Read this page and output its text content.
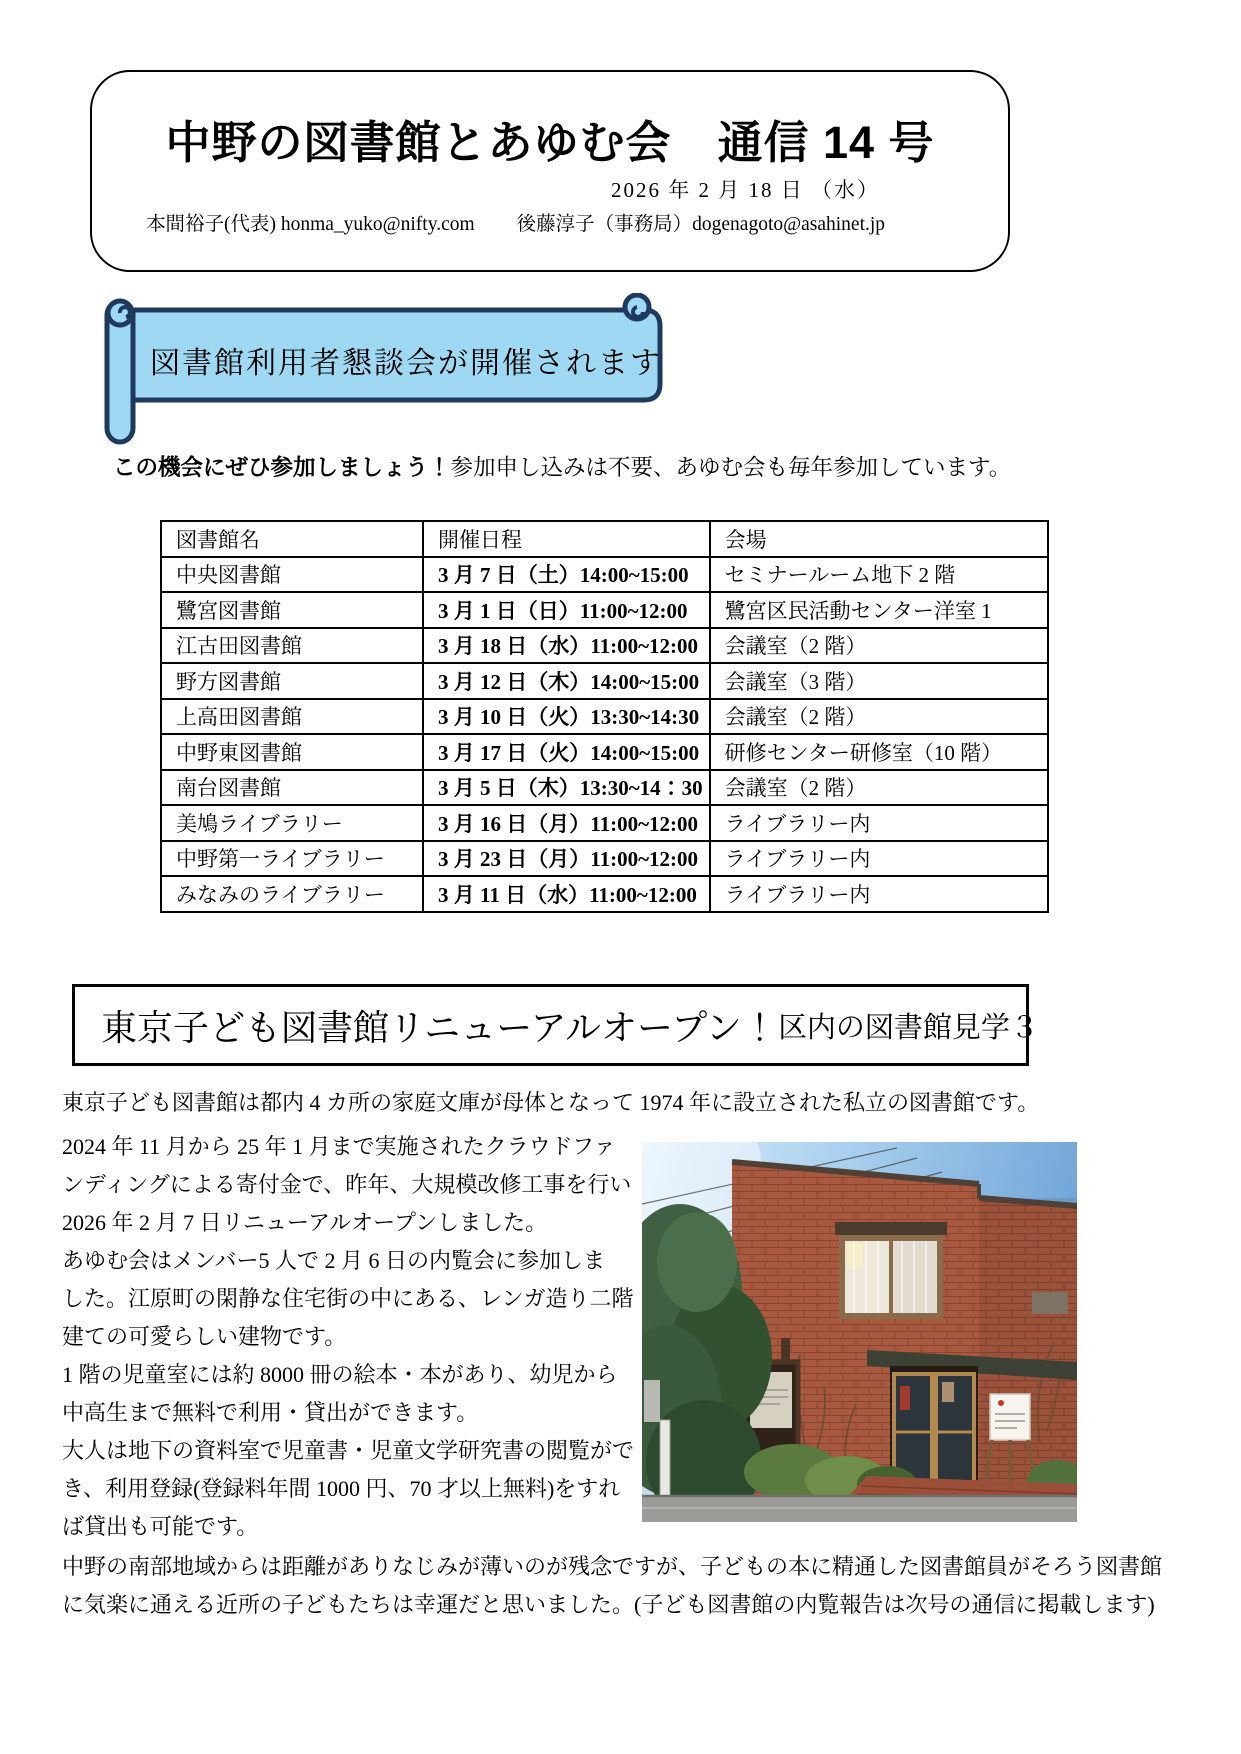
中野の図書館とあゆむ会　通信 14 号
2026 年 2 月 18 日 （水）
本間裕子(代表) honma_yuko@nifty.com 後藤淳子（事務局）dogenagoto@asahinet.jp
図書館利用者懇談会が開催されます
この機会にぜひ参加しましょう！参加申し込みは不要、あゆむ会も毎年参加しています。
図書館名	開催日程	会場
中央図書館	3 月 7 日（土）14:00~15:00	セミナールーム地下 2 階
鷺宮図書館	3 月 1 日（日）11:00~12:00	鷺宮区民活動センター洋室 1
江古田図書館	3 月 18 日（水）11:00~12:00	会議室（2 階）
野方図書館	3 月 12 日（木）14:00~15:00	会議室（3 階）
上高田図書館	3 月 10 日（火）13:30~14:30	会議室（2 階）
中野東図書館	3 月 17 日（火）14:00~15:00	研修センター研修室（10 階）
南台図書館	3 月 5 日（木）13:30~14：30	会議室（2 階）
美鳩ライブラリー	3 月 16 日（月）11:00~12:00	ライブラリー内
中野第一ライブラリー	3 月 23 日（月）11:00~12:00	ライブラリー内
みなみのライブラリー	3 月 11 日（水）11:00~12:00	ライブラリー内
東京子ども図書館リニューアルオープン！ 区内の図書館見学３
東京子ども図書館は都内 4 カ所の家庭文庫が母体となって 1974 年に設立された私立の図書館です。
2024 年 11 月から 25 年 1 月まで実施されたクラウドファ
ンディングによる寄付金で、昨年、大規模改修工事を行い
2026 年 2 月 7 日リニューアルオープンしました。
あゆむ会はメンバー5 人で 2 月 6 日の内覧会に参加しま
した。江原町の閑静な住宅街の中にある、レンガ造り二階
建ての可愛らしい建物です。
1 階の児童室には約 8000 冊の絵本・本があり、幼児から
中高生まで無料で利用・貸出ができます。
大人は地下の資料室で児童書・児童文学研究書の閲覧がで
き、利用登録(登録料年間 1000 円、70 才以上無料)をすれ
ば貸出も可能です。
中野の南部地域からは距離がありなじみが薄いのが残念ですが、子どもの本に精通した図書館員がそろう図書館
に気楽に通える近所の子どもたちは幸運だと思いました。(子ども図書館の内覧報告は次号の通信に掲載します)
